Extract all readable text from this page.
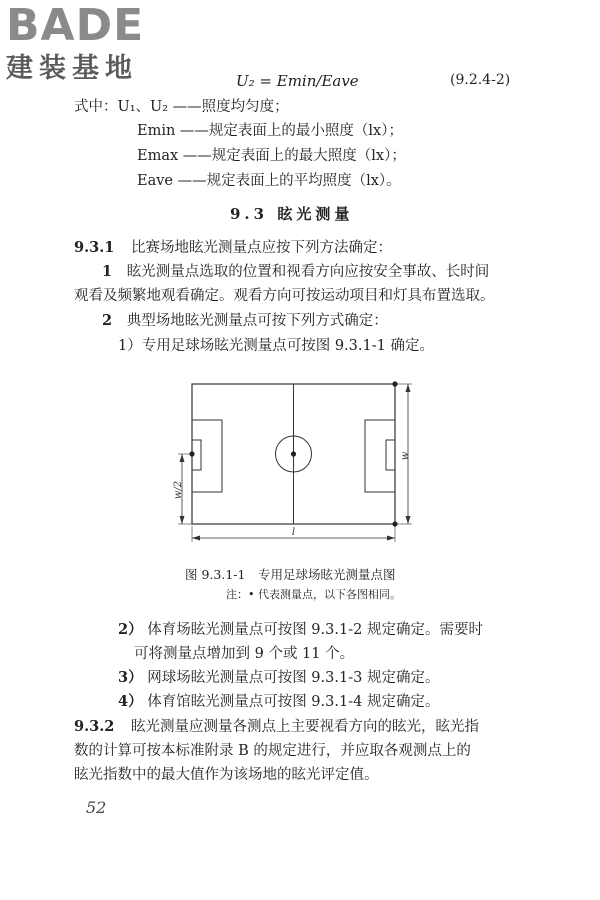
BADE
建装基地	U₂ = Emin/Eave	(9.2.4-2)
式中：U₁、U₂ ——照度均匀度；
Emin ——规定表面上的最小照度（lx）；
Emax ——规定表面上的最大照度（lx）；
Eave ——规定表面上的平均照度（lx）。
9.3 眩光测量
9.3.1 比赛场地眩光测量点应按下列方法确定：
1 眩光测量点选取的位置和视看方向应按安全事故、长时间
观看及频繁地观看确定。观看方向可按运动项目和灯具布置选取。
2 典型场地眩光测量点可按下列方式确定：
1）专用足球场眩光测量点可按图 9.3.1-1 确定。
w
w/2
l
图 9.3.1-1　专用足球场眩光测量点图
注：• 代表测量点，以下各图相同。
2） 体育场眩光测量点可按图 9.3.1-2 规定确定。需要时
可将测量点增加到 9 个或 11 个。
3） 网球场眩光测量点可按图 9.3.1-3 规定确定。
4） 体育馆眩光测量点可按图 9.3.1-4 规定确定。
9.3.2 眩光测量应测量各测点上主要视看方向的眩光，眩光指
数的计算可按本标准附录 B 的规定进行，并应取各观测点上的
眩光指数中的最大值作为该场地的眩光评定值。
52
